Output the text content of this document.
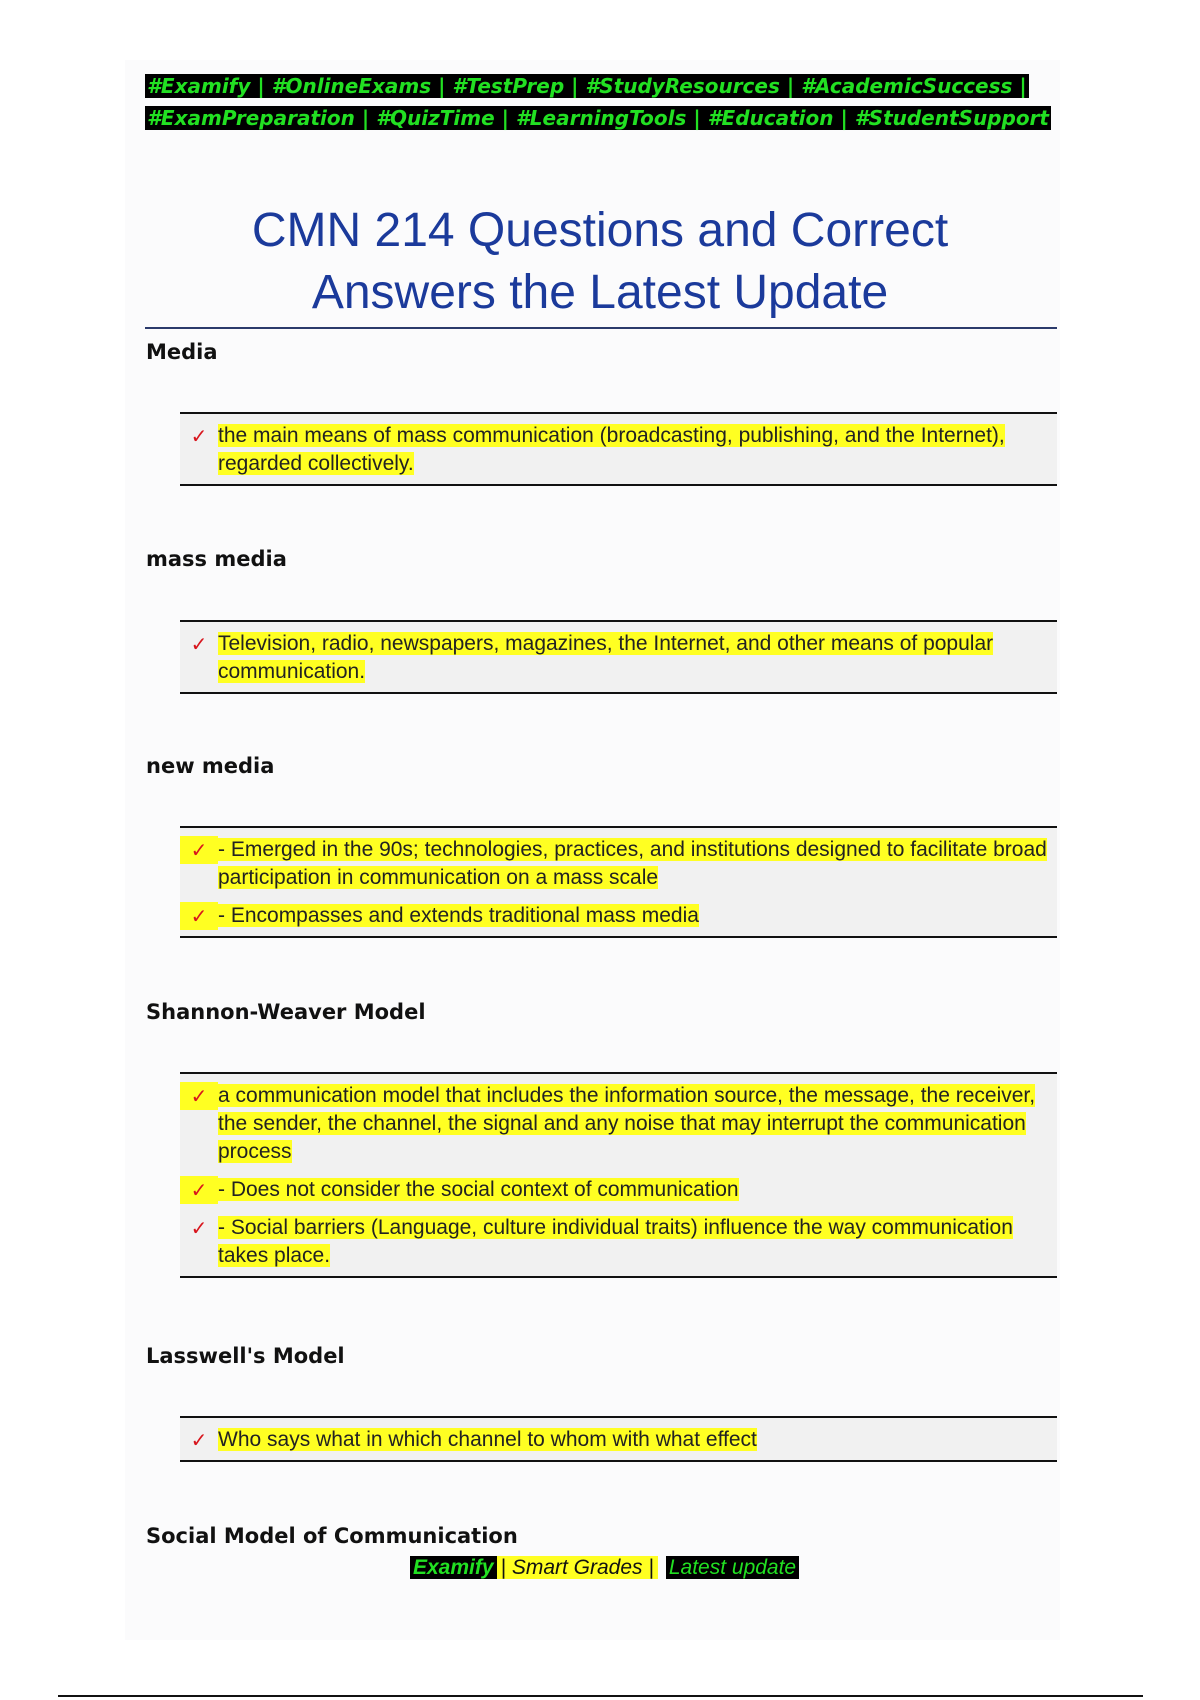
#Examify | #OnlineExams | #TestPrep | #StudyResources | #AcademicSuccess |
#ExamPreparation | #QuizTime | #LearningTools | #Education | #StudentSupport
CMN 214 Questions and Correct
Answers the Latest Update
Media
✓ the main means of mass communication (broadcasting, publishing, and the Internet), regarded collectively.
mass media
✓ Television, radio, newspapers, magazines, the Internet, and other means of popular communication.
new media
✓ - Emerged in the 90s; technologies, practices, and institutions designed to facilitate broad participation in communication on a mass scale
✓ - Encompasses and extends traditional mass media
Shannon-Weaver Model
✓ a communication model that includes the information source, the message, the receiver, the sender, the channel, the signal and any noise that may interrupt the communication process
✓ - Does not consider the social context of communication
✓ - Social barriers (Language, culture individual traits) influence the way communication takes place.
Lasswell's Model
✓ Who says what in which channel to whom with what effect
Social Model of Communication
Examify | Smart Grades | Latest update
